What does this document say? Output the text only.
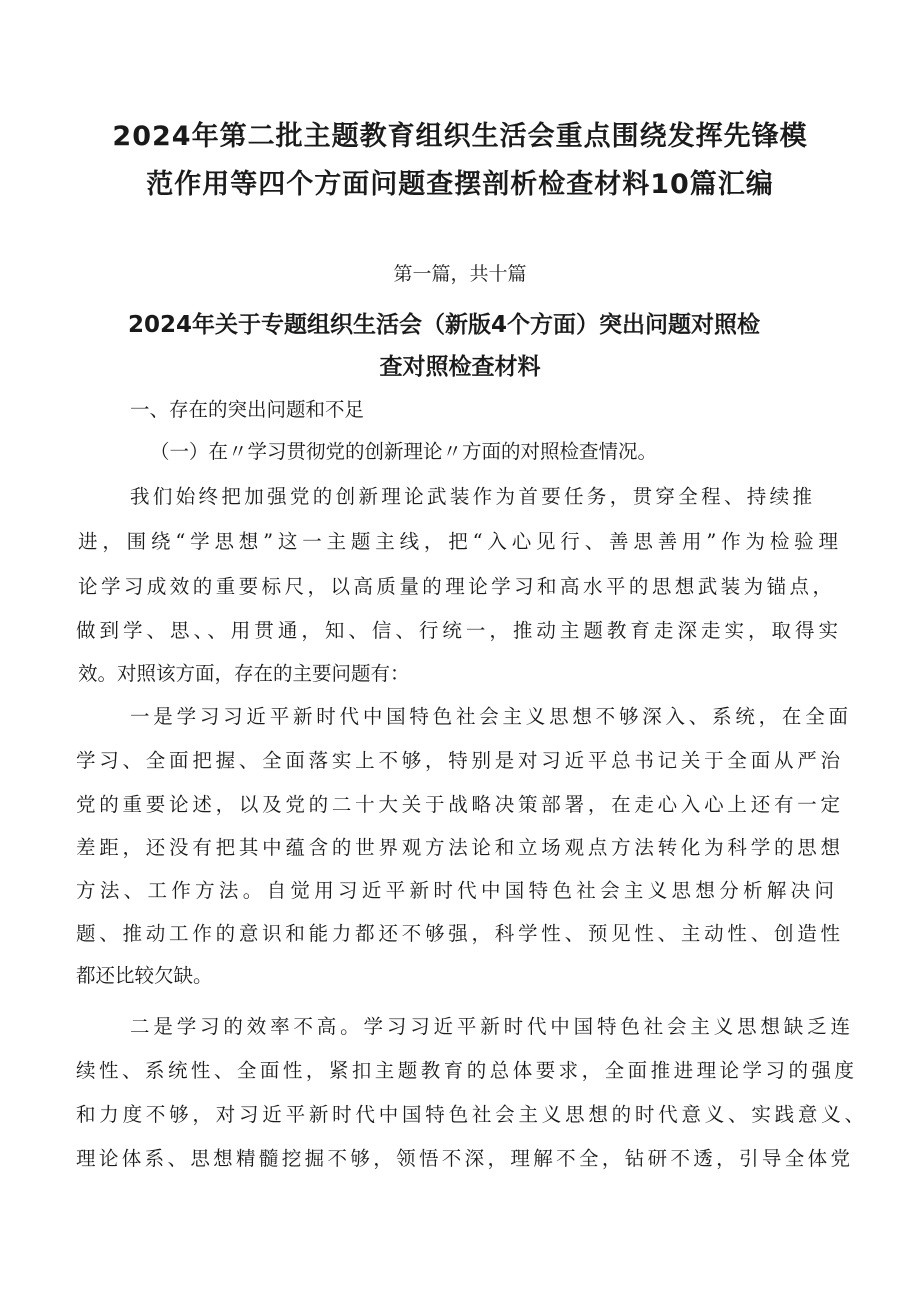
2024年第二批主题教育组织生活会重点围绕发挥先锋模
范作用等四个方面问题查摆剖析检查材料10篇汇编
第一篇，共十篇
2024年关于专题组织生活会（新版4个方面）突出问题对照检
查对照检查材料
一、存在的突出问题和不足
（一）在〃学习贯彻党的创新理论〃方面的对照检查情况。
我们始终把加强党的创新理论武装作为首要任务，贯穿全程、持续推
进，围绕“学思想”这一主题主线，把“入心见行、善思善用”作为检验理
论学习成效的重要标尺，以高质量的理论学习和高水平的思想武装为锚点，
做到学、思、、用贯通，知、信、行统一，推动主题教育走深走实，取得实
效。对照该方面，存在的主要问题有：
一是学习习近平新时代中国特色社会主义思想不够深入、系统，在全面
学习、全面把握、全面落实上不够，特别是对习近平总书记关于全面从严治
党的重要论述，以及党的二十大关于战略决策部署，在走心入心上还有一定
差距，还没有把其中蕴含的世界观方法论和立场观点方法转化为科学的思想
方法、工作方法。自觉用习近平新时代中国特色社会主义思想分析解决问
题、推动工作的意识和能力都还不够强，科学性、预见性、主动性、创造性
都还比较欠缺。
二是学习的效率不高。学习习近平新时代中国特色社会主义思想缺乏连
续性、系统性、全面性，紧扣主题教育的总体要求，全面推进理论学习的强度
和力度不够，对习近平新时代中国特色社会主义思想的时代意义、实践意义、
理论体系、思想精髓挖掘不够，领悟不深，理解不全，钻研不透，引导全体党
